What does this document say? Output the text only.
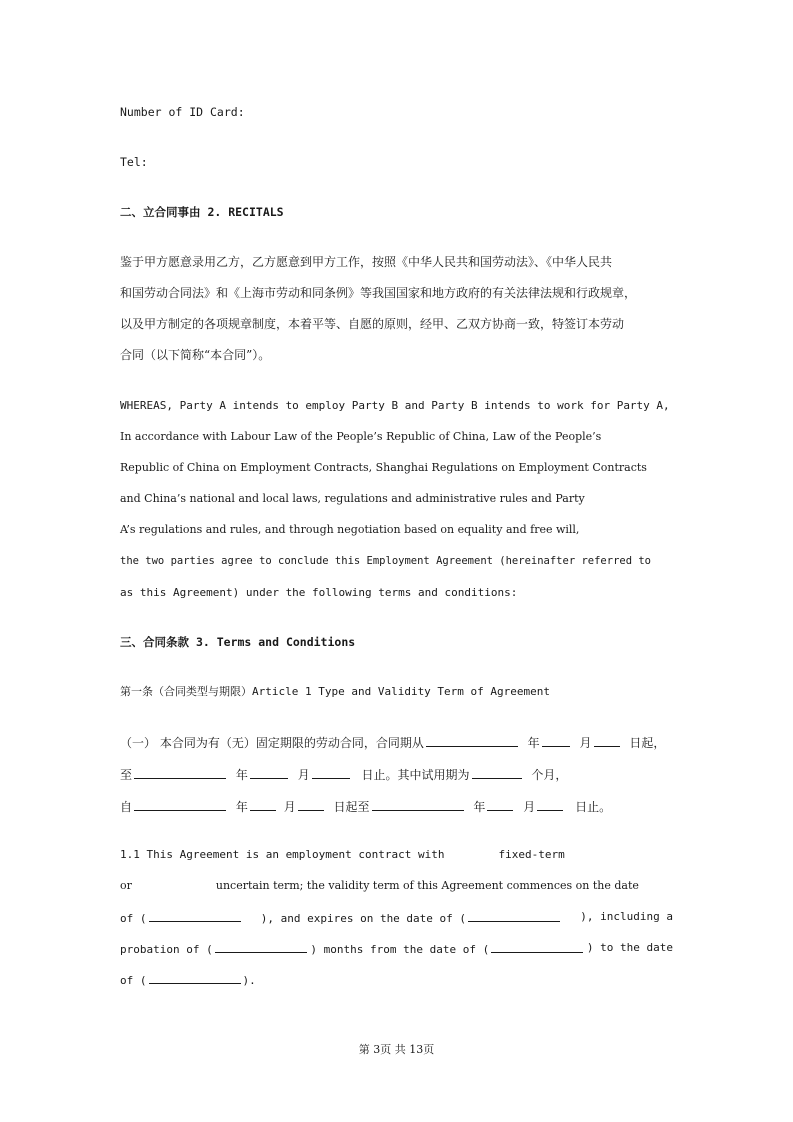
Number of ID Card:
Tel:
二、立合同事由 2. RECITALS
鉴于甲方愿意录用乙方，乙方愿意到甲方工作，按照《中华人民共和国劳动法》、《中华人民共
和国劳动合同法》和《上海市劳动和同条例》等我国国家和地方政府的有关法律法规和行政规章，
以及甲方制定的各项规章制度，本着平等、自愿的原则，经甲、乙双方协商一致，特签订本劳动
合同（以下简称“本合同”）。
WHEREAS, Party A intends to employ Party B and Party B intends to work for Party A,
In accordance with Labour Law of the People’s Republic of China, Law of the People’s
Republic of China on Employment Contracts, Shanghai Regulations on Employment Contracts
and China’s national and local laws, regulations and administrative rules and Party
A’s regulations and rules, and through negotiation based on equality and free will,
the two parties agree to conclude this Employment Agreement (hereinafter referred to
as this Agreement) under the following terms and conditions:
三、合同条款 3. Terms and Conditions
第一条（合同类型与期限）Article 1 Type and Validity Term of Agreement
（一） 本合同为有（无）固定期限的劳动合同，合同期从	年	月	日起，
至	年	月	日止。其中试用期为	个月，
自	年	月	日起至	年	月	日止。
1.1 This Agreement is an employment contract with	fixed-term
or	uncertain term; the validity term of this Agreement commences on the date
of (	), and expires on the date of (	), including a
probation of (	) months from the date of (	) to the date
of (	).
第 3页 共 13页
